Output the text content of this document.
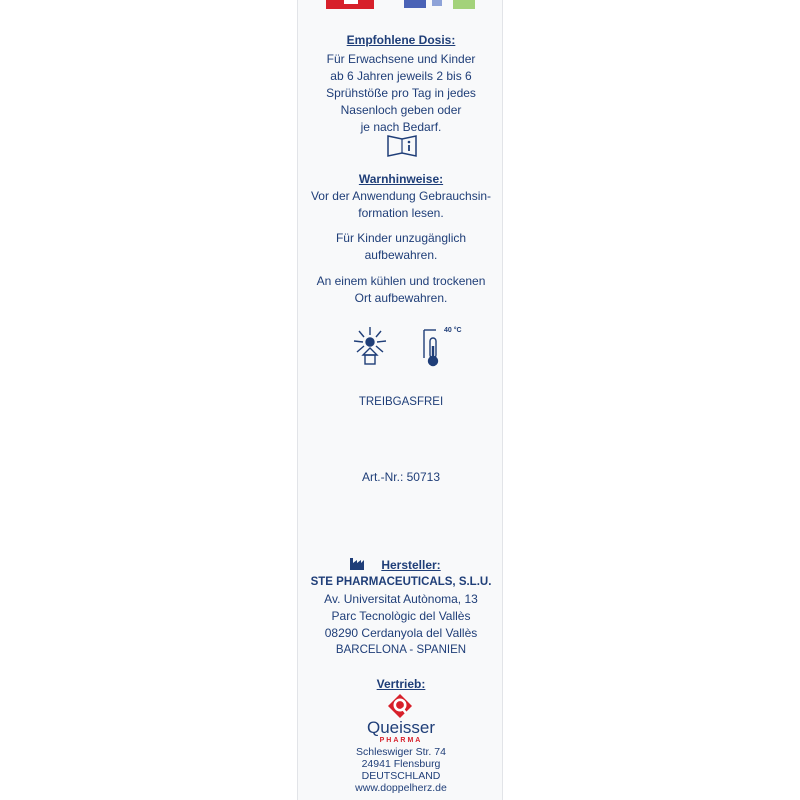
Empfohlene Dosis:
Für Erwachsene und Kinder
ab 6 Jahren jeweils 2 bis 6
Sprühstöße pro Tag in jedes
Nasenloch geben oder
je nach Bedarf.
Warnhinweise:
Vor der Anwendung Gebrauchsin-
formation lesen.
Für Kinder unzugänglich
aufbewahren.
An einem kühlen und trockenen
Ort aufbewahren.
40 °C
TREIBGASFREI
Art.-Nr.: 50713
Hersteller:
STE PHARMACEUTICALS, S.L.U.
Av. Universitat Autònoma, 13
Parc Tecnològic del Vallès
08290 Cerdanyola del Vallès
BARCELONA - SPANIEN
Vertrieb:
Queisser
PHARMA
Schleswiger Str. 74
24941 Flensburg
DEUTSCHLAND
www.doppelherz.de
